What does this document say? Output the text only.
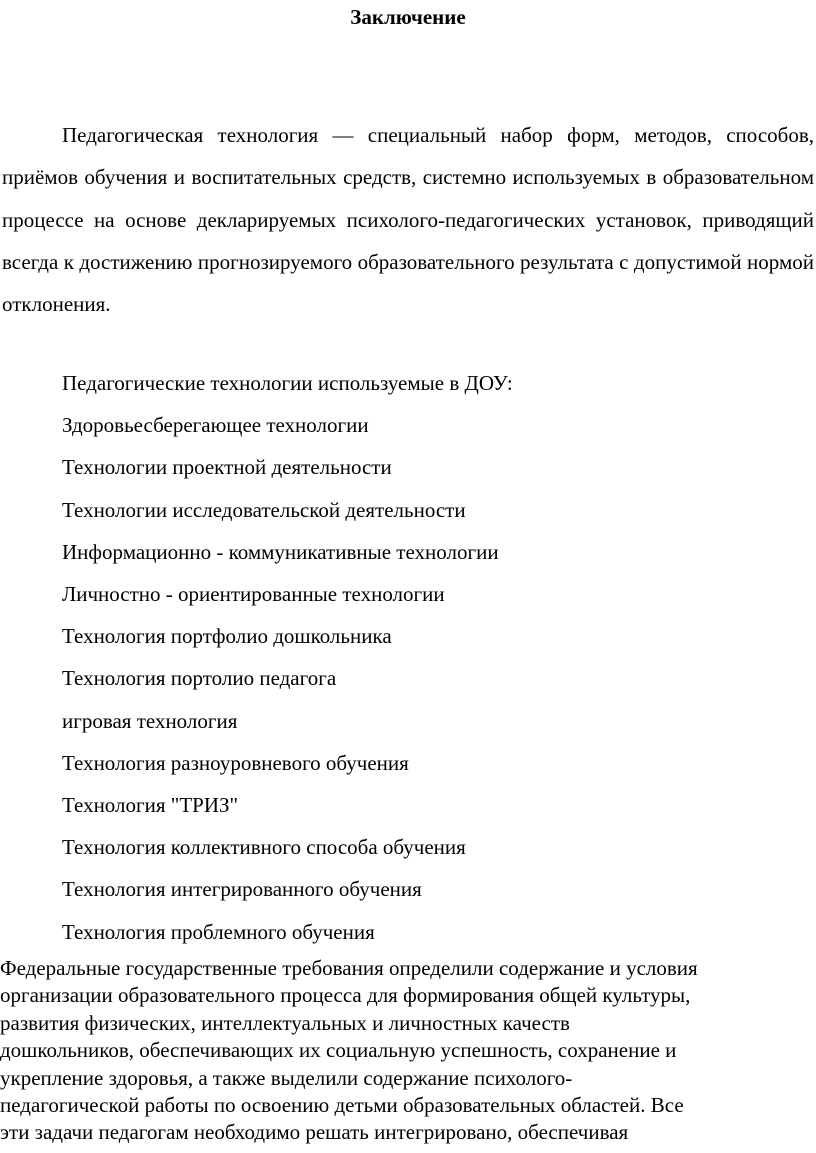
Заключение

Педагогическая технология — специальный набор форм, методов, способов, приёмов обучения и воспитательных средств, системно используемых в образовательном процессе на основе декларируемых психолого-педагогических установок, приводящий всегда к достижению прогнозируемого образовательного результата с допустимой нормой отклонения.

Педагогические технологии используемые в ДОУ:
Здоровьесберегающее технологии
Технологии проектной деятельности
Технологии исследовательской деятельности
Информационно - коммуникативные технологии
Личностно - ориентированные технологии
Технология портфолио дошкольника
Технология портолио педагога
игровая технология
Технология разноуровневого обучения
Технология "ТРИЗ"
Технология коллективного способа обучения
Технология интегрированного обучения
Технология проблемного обучения

Федеральные государственные требования определили содержание и условия
организации образовательного процесса для формирования общей культуры,
развития физических, интеллектуальных и личностных качеств
дошкольников, обеспечивающих их социальную успешность, сохранение и
укрепление здоровья, а также выделили содержание психолого-
педагогической работы по освоению детьми образовательных областей. Все
эти задачи педагогам необходимо решать интегрировано, обеспечивая
